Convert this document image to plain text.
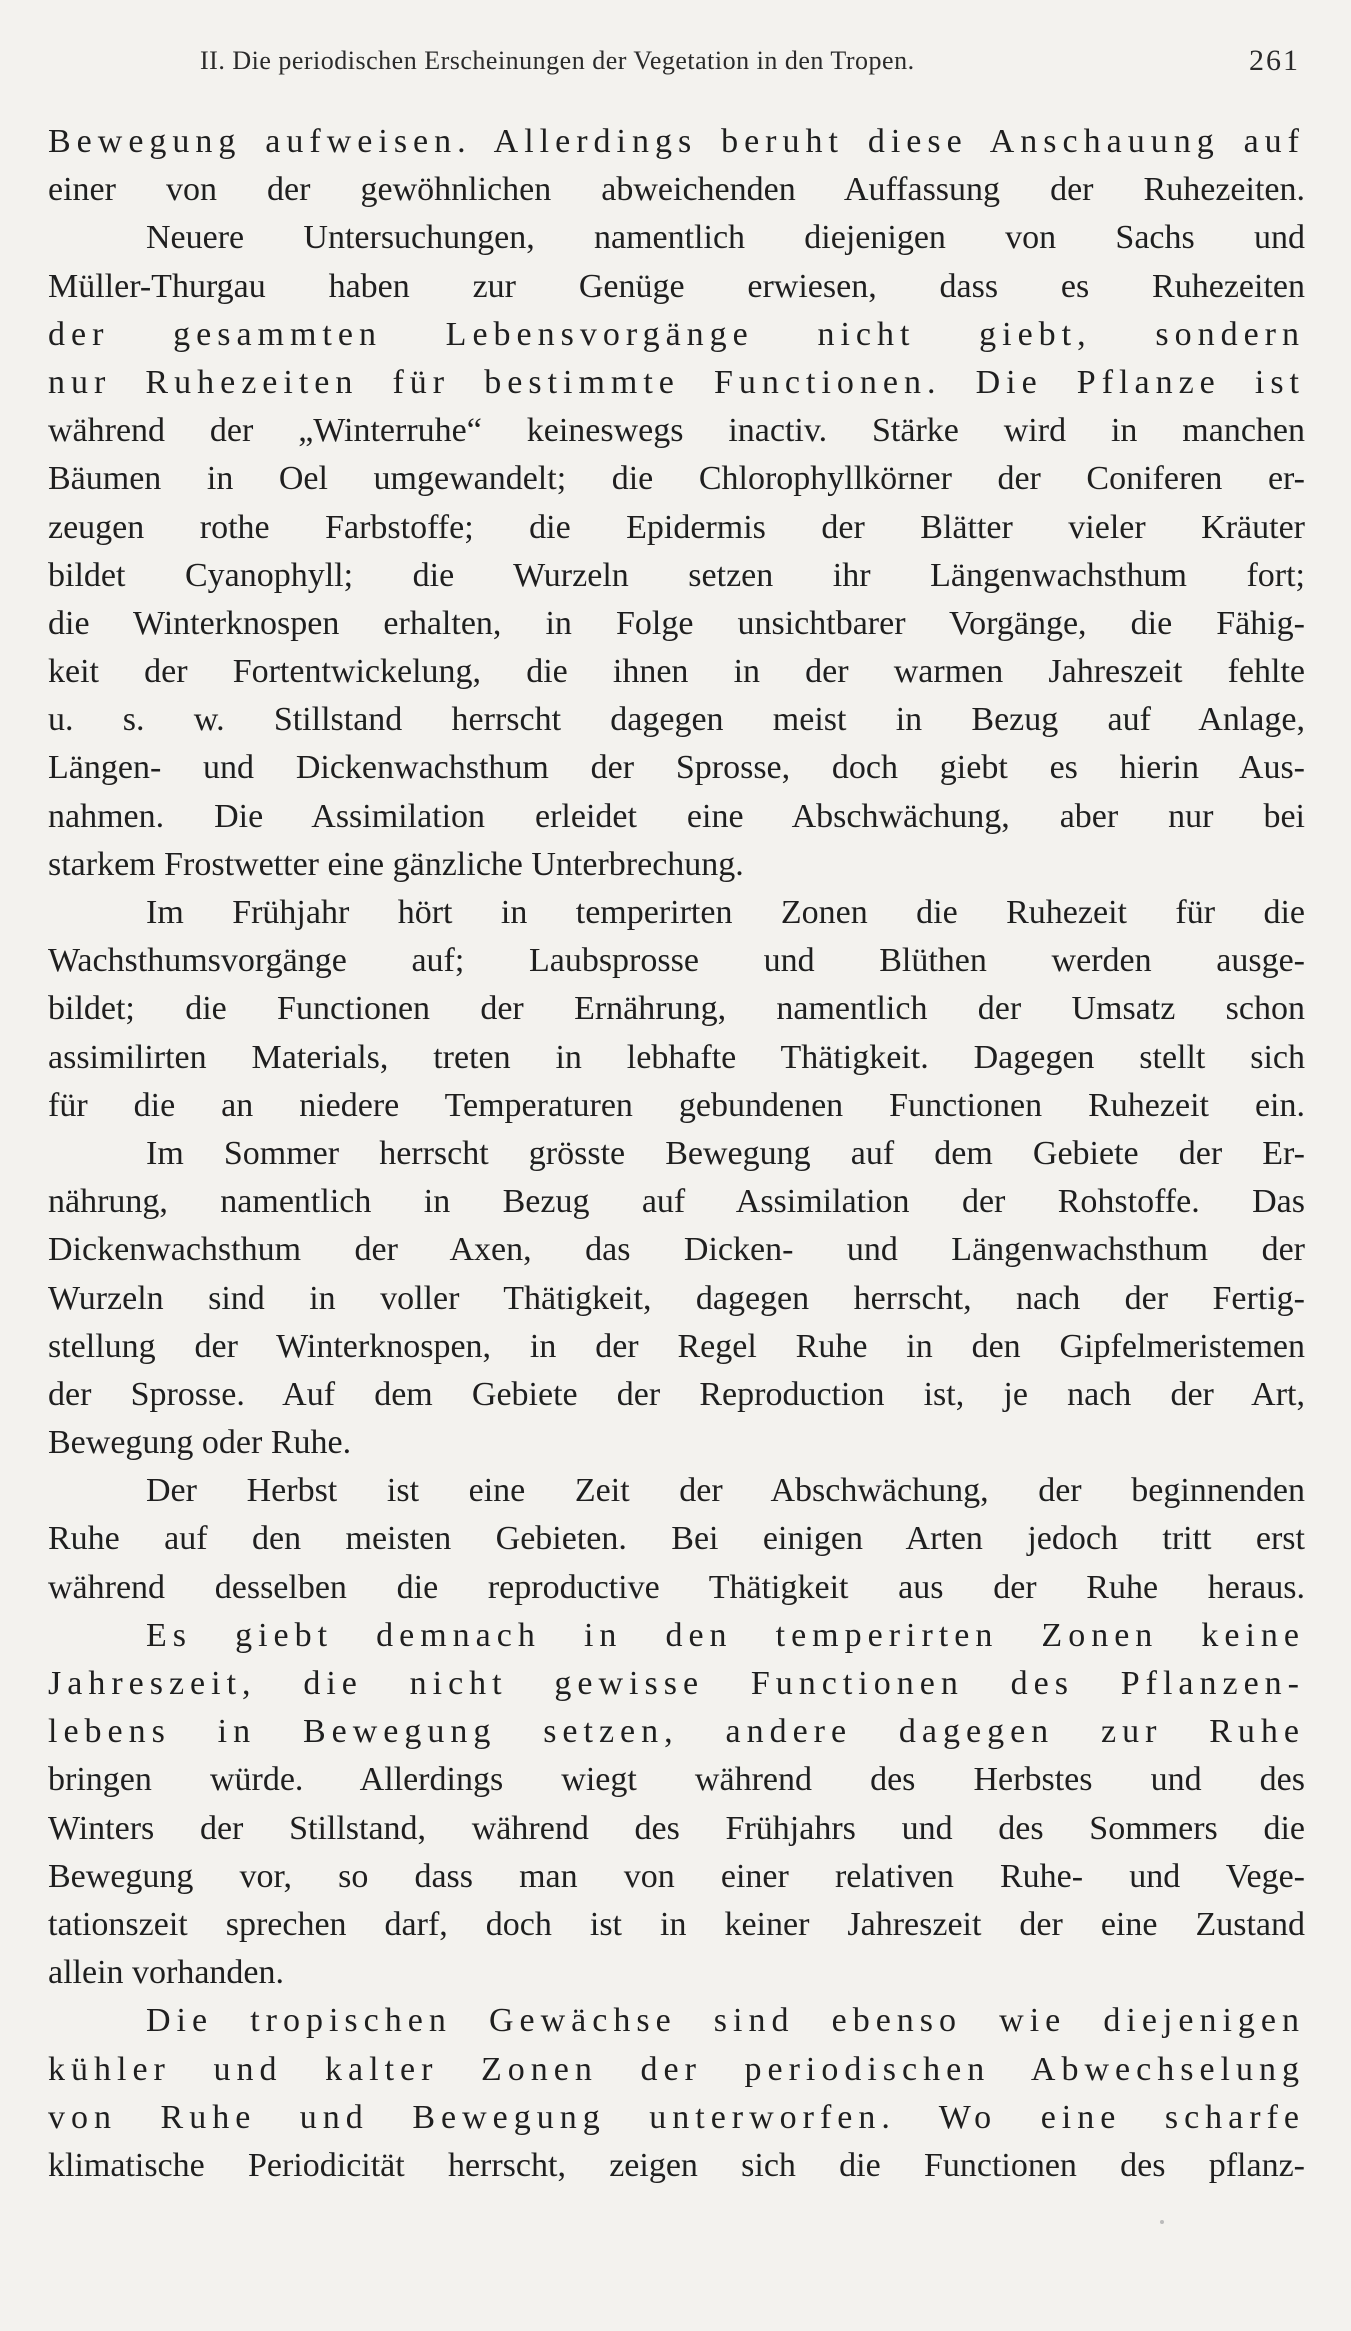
II. Die periodischen Erscheinungen der Vegetation in den Tropen.	261
Bewegung aufweisen. Allerdings beruht diese Anschauung auf
einer von der gewöhnlichen abweichenden Auffassung der Ruhezeiten.
Neuere Untersuchungen, namentlich diejenigen von Sachs und
Müller-Thurgau haben zur Genüge erwiesen, dass es Ruhezeiten
der gesammten Lebensvorgänge nicht giebt, sondern
nur Ruhezeiten für bestimmte Functionen. Die Pflanze ist
während der „Winterruhe“ keineswegs inactiv. Stärke wird in manchen
Bäumen in Oel umgewandelt; die Chlorophyllkörner der Coniferen er-
zeugen rothe Farbstoffe; die Epidermis der Blätter vieler Kräuter
bildet Cyanophyll; die Wurzeln setzen ihr Längenwachsthum fort;
die Winterknospen erhalten, in Folge unsichtbarer Vorgänge, die Fähig-
keit der Fortentwickelung, die ihnen in der warmen Jahreszeit fehlte
u. s. w. Stillstand herrscht dagegen meist in Bezug auf Anlage,
Längen- und Dickenwachsthum der Sprosse, doch giebt es hierin Aus-
nahmen. Die Assimilation erleidet eine Abschwächung, aber nur bei
starkem Frostwetter eine gänzliche Unterbrechung.
Im Frühjahr hört in temperirten Zonen die Ruhezeit für die
Wachsthumsvorgänge auf; Laubsprosse und Blüthen werden ausge-
bildet; die Functionen der Ernährung, namentlich der Umsatz schon
assimilirten Materials, treten in lebhafte Thätigkeit. Dagegen stellt sich
für die an niedere Temperaturen gebundenen Functionen Ruhezeit ein.
Im Sommer herrscht grösste Bewegung auf dem Gebiete der Er-
nährung, namentlich in Bezug auf Assimilation der Rohstoffe. Das
Dickenwachsthum der Axen, das Dicken- und Längenwachsthum der
Wurzeln sind in voller Thätigkeit, dagegen herrscht, nach der Fertig-
stellung der Winterknospen, in der Regel Ruhe in den Gipfelmeristemen
der Sprosse. Auf dem Gebiete der Reproduction ist, je nach der Art,
Bewegung oder Ruhe.
Der Herbst ist eine Zeit der Abschwächung, der beginnenden
Ruhe auf den meisten Gebieten. Bei einigen Arten jedoch tritt erst
während desselben die reproductive Thätigkeit aus der Ruhe heraus.
Es giebt demnach in den temperirten Zonen keine
Jahreszeit, die nicht gewisse Functionen des Pflanzen-
lebens in Bewegung setzen, andere dagegen zur Ruhe
bringen würde. Allerdings wiegt während des Herbstes und des
Winters der Stillstand, während des Frühjahrs und des Sommers die
Bewegung vor, so dass man von einer relativen Ruhe- und Vege-
tationszeit sprechen darf, doch ist in keiner Jahreszeit der eine Zustand
allein vorhanden.
Die tropischen Gewächse sind ebenso wie diejenigen
kühler und kalter Zonen der periodischen Abwechselung
von Ruhe und Bewegung unterworfen. Wo eine scharfe
klimatische Periodicität herrscht, zeigen sich die Functionen des pflanz-
